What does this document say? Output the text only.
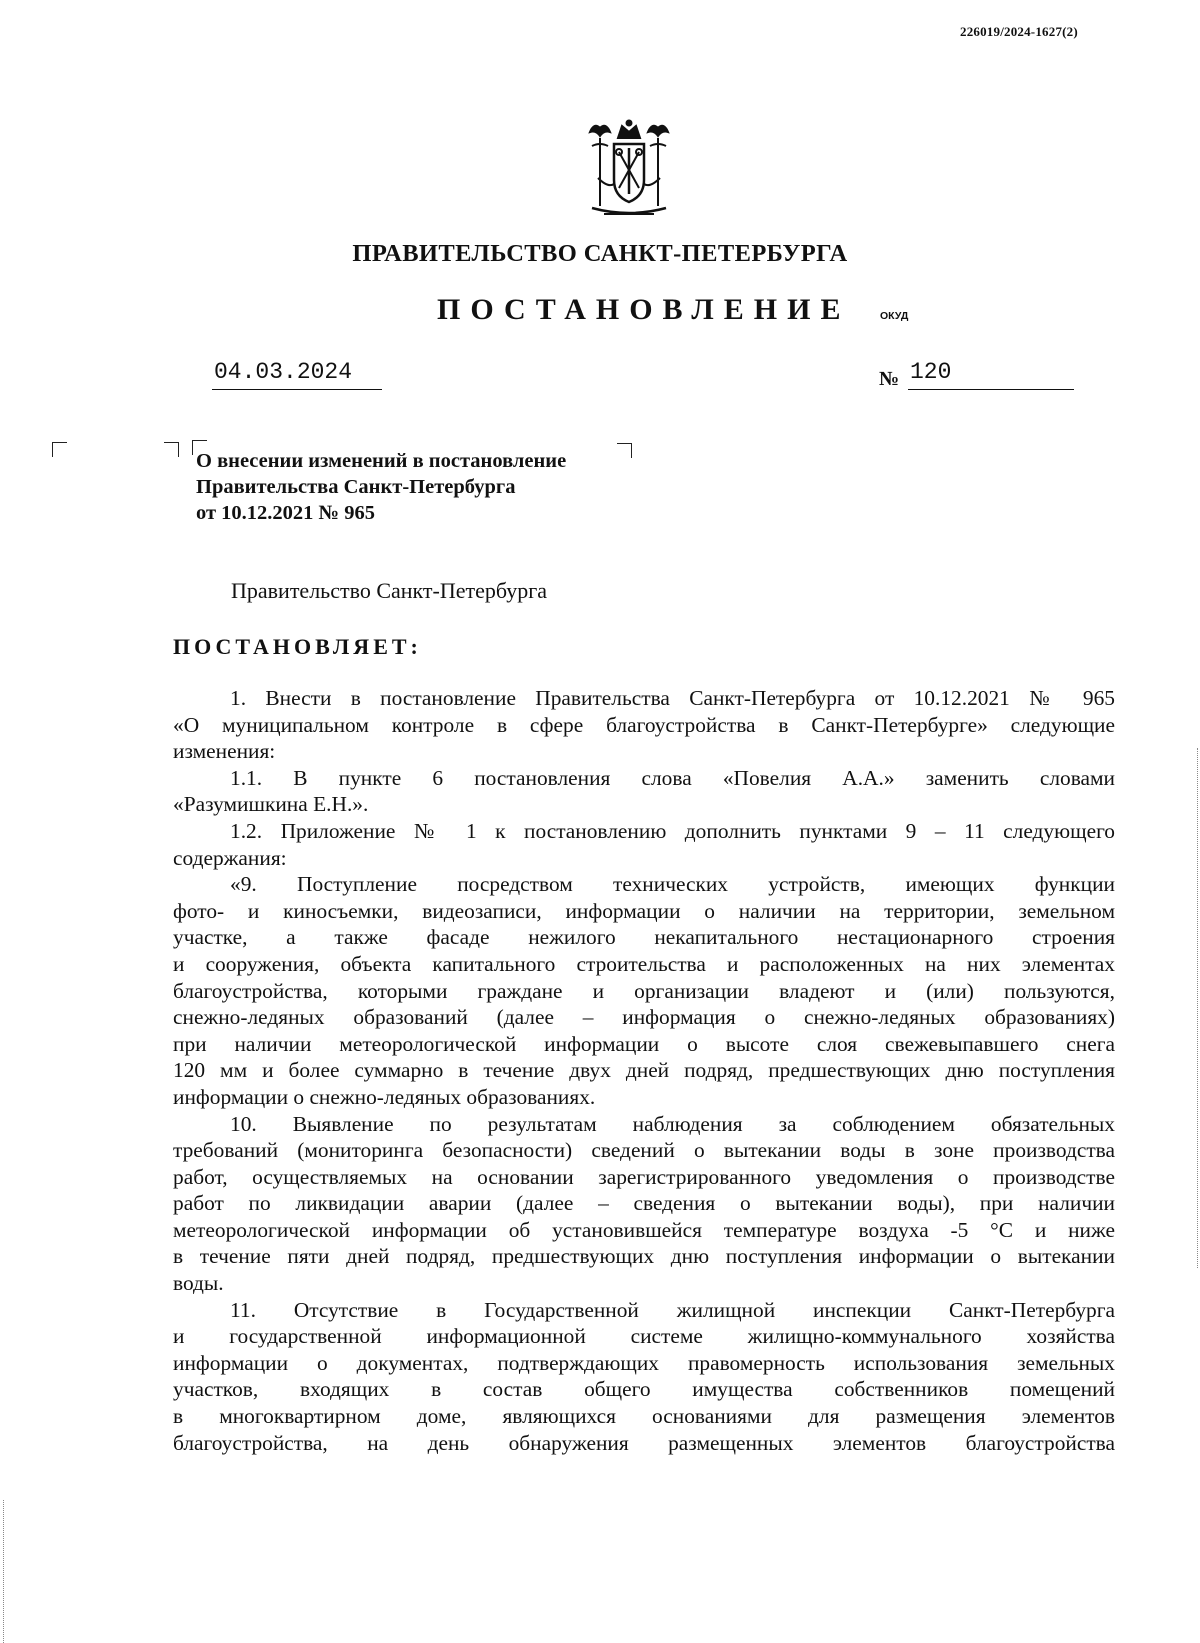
226019/2024-1627(2)
ПРАВИТЕЛЬСТВО САНКТ-ПЕТЕРБУРГА
ПОСТАНОВЛЕНИЕ	ОКУД
04.03.2024	№ 120
О внесении изменений в постановление
Правительства Санкт-Петербурга
от 10.12.2021 № 965
Правительство Санкт-Петербурга
ПОСТАНОВЛЯЕТ:

1. Внести в постановление Правительства Санкт-Петербурга от 10.12.2021 № 965

«О муниципальном контроле в сфере благоустройства в Санкт-Петербурге» следующие

изменения:

1.1. В пункте 6 постановления слова «Повелия А.А.» заменить словами

«Разумишкина Е.Н.».

1.2. Приложение № 1 к постановлению дополнить пунктами 9 – 11 следующего

содержания:

«9. Поступление посредством технических устройств, имеющих функции

фото- и киносъемки, видеозаписи, информации о наличии на территории, земельном

участке, а также фасаде нежилого некапитального нестационарного строения

и сооружения, объекта капитального строительства и расположенных на них элементах

благоустройства, которыми граждане и организации владеют и (или) пользуются,

снежно-ледяных образований (далее – информация о снежно-ледяных образованиях)

при наличии метеорологической информации о высоте слоя свежевыпавшего снега

120 мм и более суммарно в течение двух дней подряд, предшествующих дню поступления

информации о снежно-ледяных образованиях.

10. Выявление по результатам наблюдения за соблюдением обязательных

требований (мониторинга безопасности) сведений о вытекании воды в зоне производства

работ, осуществляемых на основании зарегистрированного уведомления о производстве

работ по ликвидации аварии (далее – сведения о вытекании воды), при наличии

метеорологической информации об установившейся температуре воздуха -5 °С и ниже

в течение пяти дней подряд, предшествующих дню поступления информации о вытекании

воды.

11. Отсутствие в Государственной жилищной инспекции Санкт-Петербурга

и государственной информационной системе жилищно-коммунального хозяйства

информации о документах, подтверждающих правомерность использования земельных

участков, входящих в состав общего имущества собственников помещений

в многоквартирном доме, являющихся основаниями для размещения элементов

благоустройства, на день обнаружения размещенных элементов благоустройства
